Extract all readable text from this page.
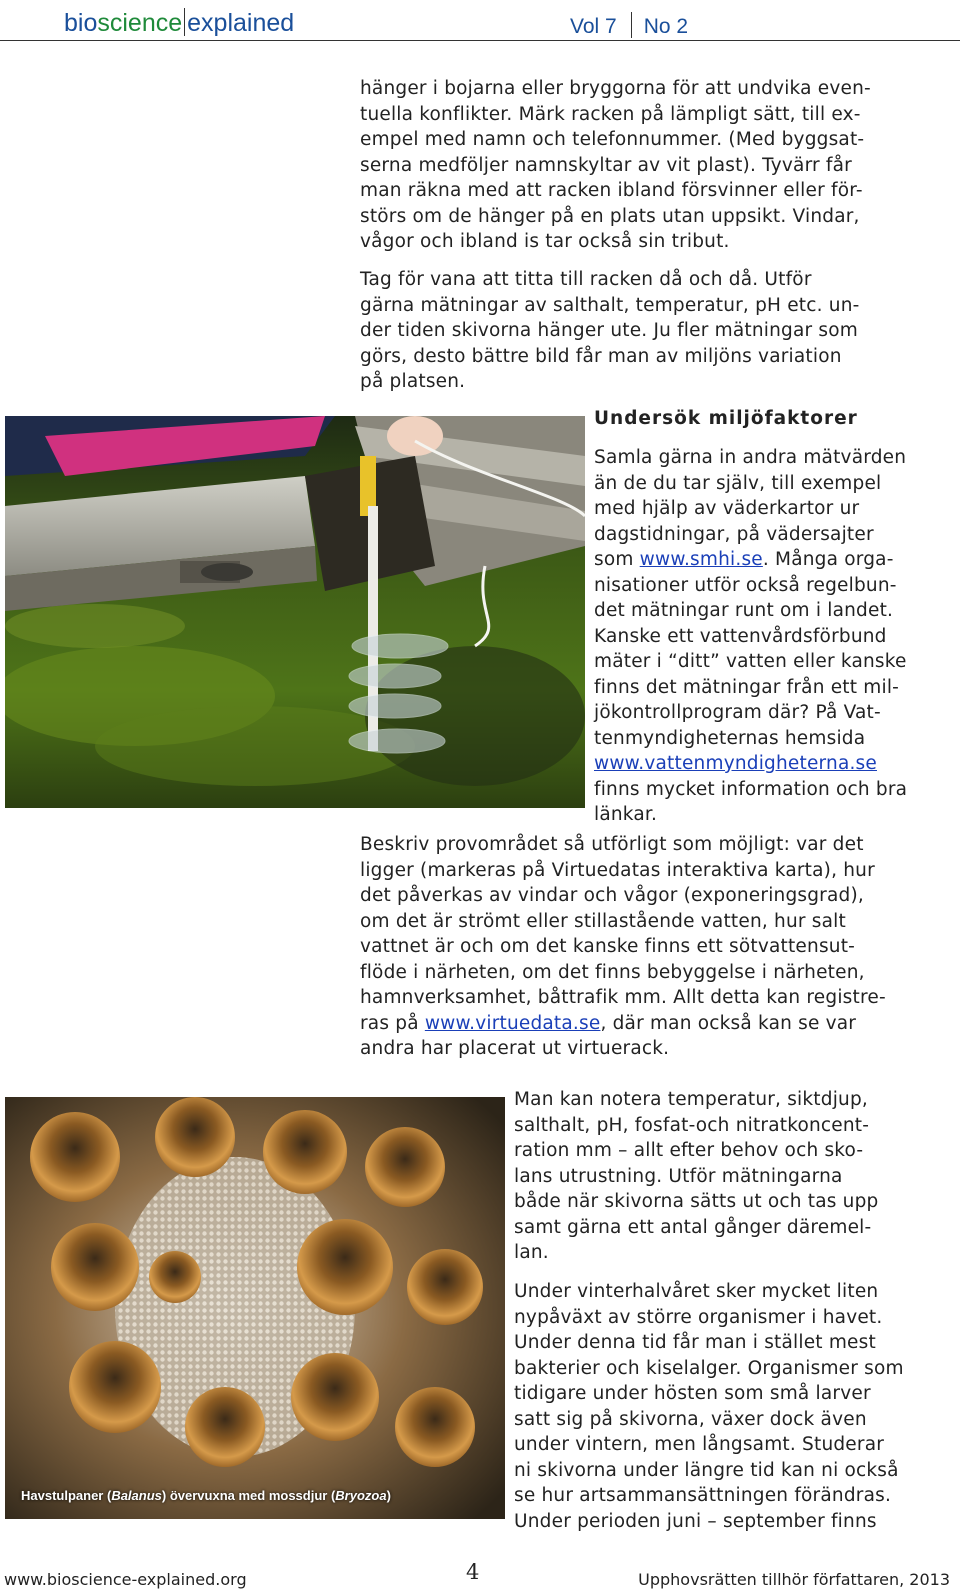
bioscience explained	Vol 7 No 2

hänger i bojarna eller bryggorna för att undvika even-
tuella konflikter. Märk racken på lämpligt sätt, till ex-
empel med namn och telefonnummer. (Med byggsat-
serna medföljer namnskyltar av vit plast). Tyvärr får
man räkna med att racken ibland försvinner eller för-
störs om de hänger på en plats utan uppsikt. Vindar,
vågor och ibland is tar också sin tribut.

Tag för vana att titta till racken då och då. Utför
gärna mätningar av salthalt, temperatur, pH etc. un-
der tiden skivorna hänger ute. Ju fler mätningar som
görs, desto bättre bild får man av miljöns variation
på platsen.

Undersök miljöfaktorer

Samla gärna in andra mätvärden
än de du tar själv, till exempel
med hjälp av väderkartor ur
dagstidningar, på vädersajter
som www.smhi.se. Många orga-
nisationer utför också regelbun-
det mätningar runt om i landet.
Kanske ett vattenvårdsförbund
mäter i “ditt” vatten eller kanske
finns det mätningar från ett mil-
jökontrollprogram där? På Vat-
tenmyndigheternas hemsida
www.vattenmyndigheterna.se
finns mycket information och bra
länkar.

Beskriv provområdet så utförligt som möjligt: var det
ligger (markeras på Virtuedatas interaktiva karta), hur
det påverkas av vindar och vågor (exponeringsgrad),
om det är strömt eller stillastående vatten, hur salt
vattnet är och om det kanske finns ett sötvattensut-
flöde i närheten, om det finns bebyggelse i närheten,
hamnverksamhet, båttrafik mm. Allt detta kan registre-
ras på www.virtuedata.se, där man också kan se var
andra har placerat ut virtuerack.

Havstulpaner (Balanus) övervuxna med mossdjur (Bryozoa)

Man kan notera temperatur, siktdjup,
salthalt, pH, fosfat-och nitratkoncent-
ration mm – allt efter behov och sko-
lans utrustning. Utför mätningarna
både när skivorna sätts ut och tas upp
samt gärna ett antal gånger däremel-
lan.

Under vinterhalvåret sker mycket liten
nypåväxt av större organismer i havet.
Under denna tid får man i stället mest
bakterier och kiselalger. Organismer som
tidigare under hösten som små larver
satt sig på skivorna, växer dock även
under vintern, men långsamt. Studerar
ni skivorna under längre tid kan ni också
se hur artsammansättningen förändras.
Under perioden juni – september finns

www.bioscience-explained.org	4	Upphovsrätten tillhör författaren, 2013
